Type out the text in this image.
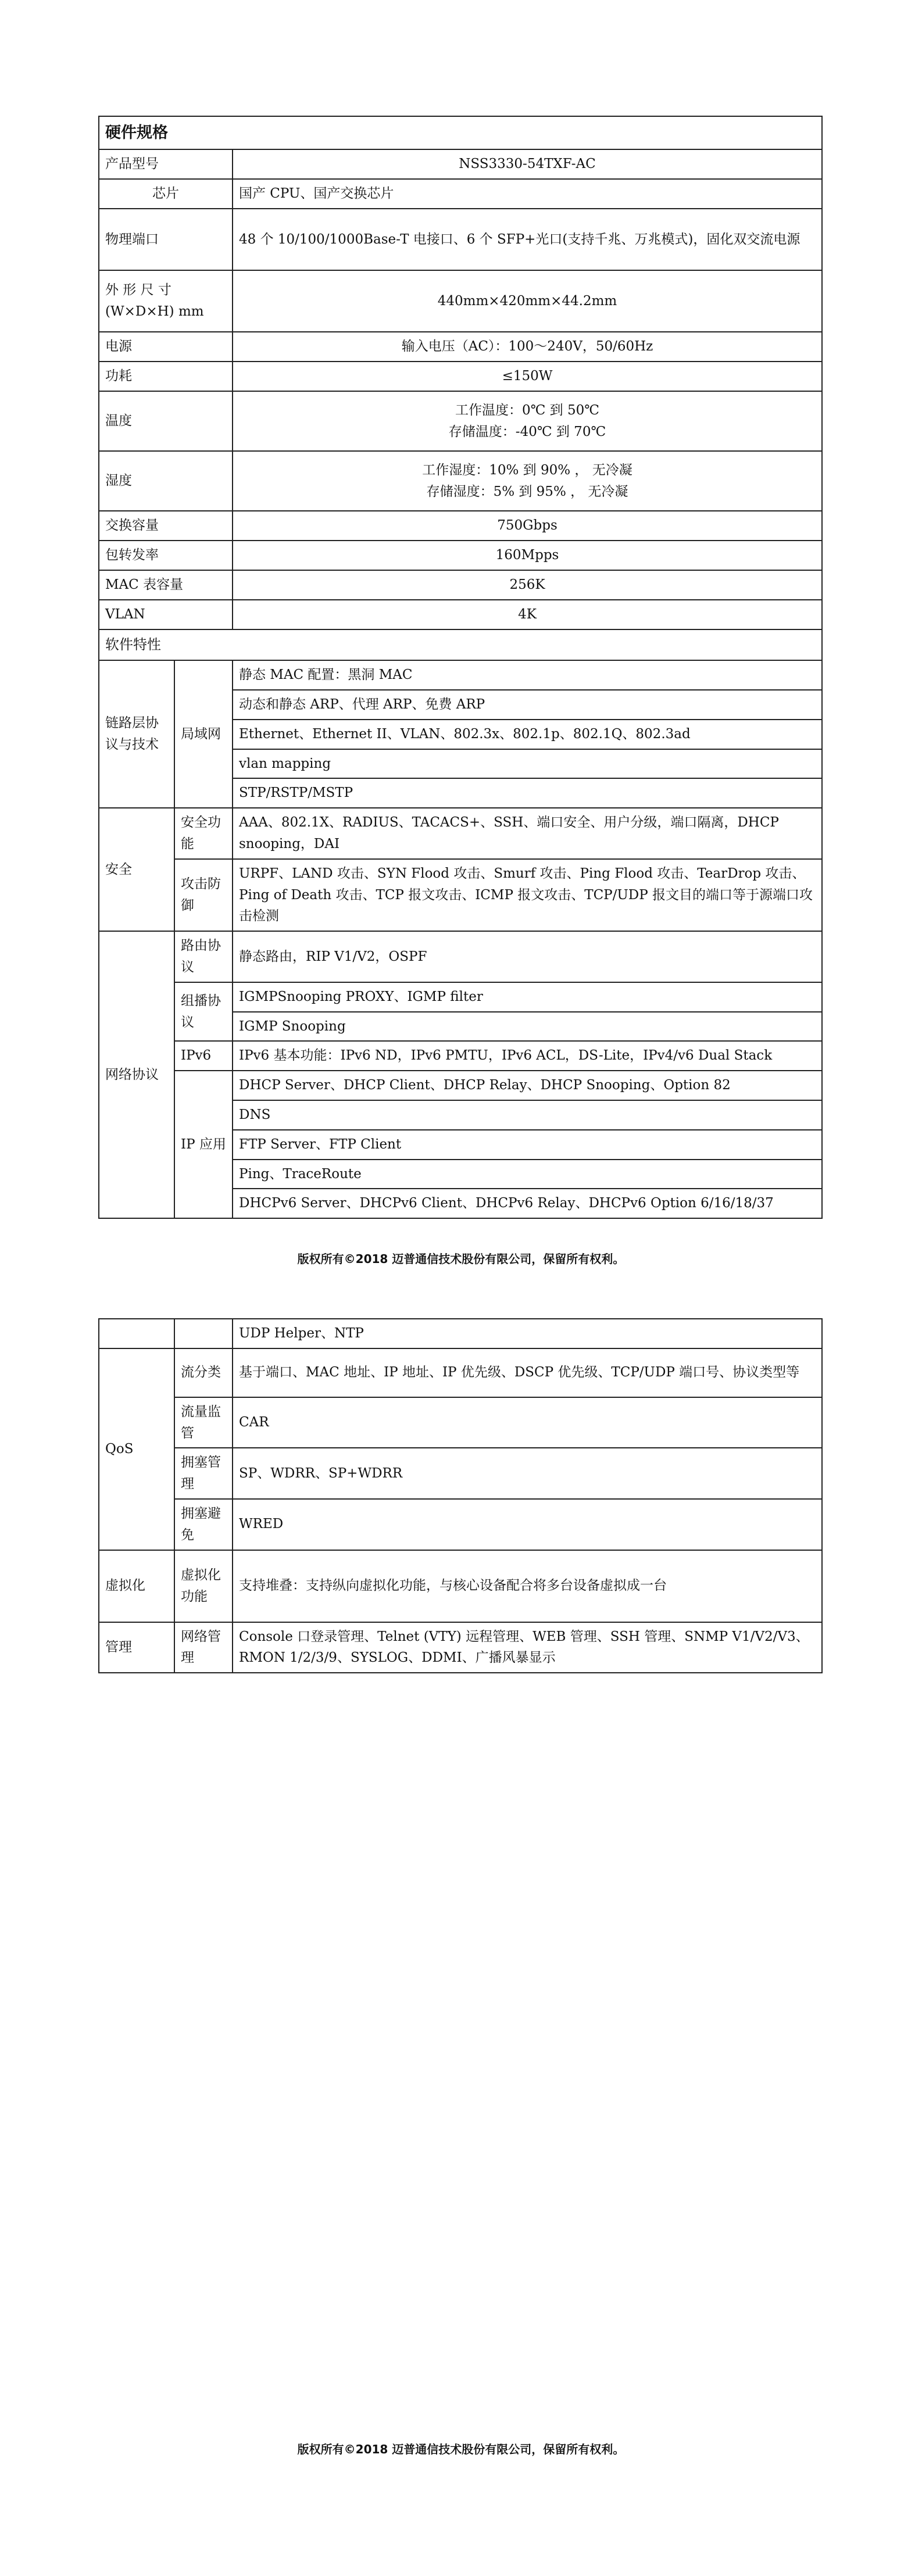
硬件规格		
产品型号		NSS3330-54TXF-AC
芯片		国产 CPU、国产交换芯片
物理端口		48 个 10/100/1000Base-T 电接口、6 个 SFP+光口(支持千兆、万兆模式)，固化双交流电源
外 形 尺 寸 (W×D×H) mm		440mm×420mm×44.2mm
电源		输入电压（AC）：100～240V，50/60Hz
功耗		≤150W
温度		工作温度：0℃ 到 50℃
存储温度：-40℃ 到 70℃

湿度		工作湿度：10% 到 90% ， 无冷凝
存储湿度：5% 到 95% ， 无冷凝

交换容量		750Gbps
包转发率		160Mpps
MAC 表容量		256K
VLAN		4K
软件特性		
链路层协议与技术	局域网	静态 MAC 配置：黑洞 MAC
		动态和静态 ARP、代理 ARP、免费 ARP
		Ethernet、Ethernet II、VLAN、802.3x、802.1p、802.1Q、802.3ad
		vlan mapping
		STP/RSTP/MSTP
安全	安全功能	AAA、802.1X、RADIUS、TACACS+、SSH、端口安全、用户分级，端口隔离，DHCP snooping，DAI
	攻击防御	URPF、LAND 攻击、SYN Flood 攻击、Smurf 攻击、Ping Flood 攻击、TearDrop 攻击、Ping of Death 攻击、TCP 报文攻击、ICMP 报文攻击、TCP/UDP 报文目的端口等于源端口攻击检测
网络协议	路由协议	静态路由，RIP V1/V2，OSPF
	组播协议	IGMPSnooping PROXY、IGMP filter
		IGMP Snooping
	IPv6	IPv6 基本功能：IPv6 ND，IPv6 PMTU，IPv6 ACL，DS-Lite，IPv4/v6 Dual Stack
	IP 应用	DHCP Server、DHCP Client、DHCP Relay、DHCP Snooping、Option 82
		DNS
		FTP Server、FTP Client
		Ping、TraceRoute
		DHCPv6 Server、DHCPv6 Client、DHCPv6 Relay、DHCPv6 Option 6/16/18/37
版权所有©2018 迈普通信技术股份有限公司，保留所有权利。
		UDP Helper、NTP
QoS	流分类	基于端口、MAC 地址、IP 地址、IP 优先级、DSCP 优先级、TCP/UDP 端口号、协议类型等
	流量监管	CAR
	拥塞管理	SP、WDRR、SP+WDRR
	拥塞避免	WRED
虚拟化	虚拟化功能	支持堆叠：支持纵向虚拟化功能，与核心设备配合将多台设备虚拟成一台
管理	网络管理	Console 口登录管理、Telnet (VTY) 远程管理、WEB 管理、SSH 管理、SNMP V1/V2/V3、RMON 1/2/3/9、SYSLOG、DDMI、广播风暴显示
版权所有©2018 迈普通信技术股份有限公司，保留所有权利。
